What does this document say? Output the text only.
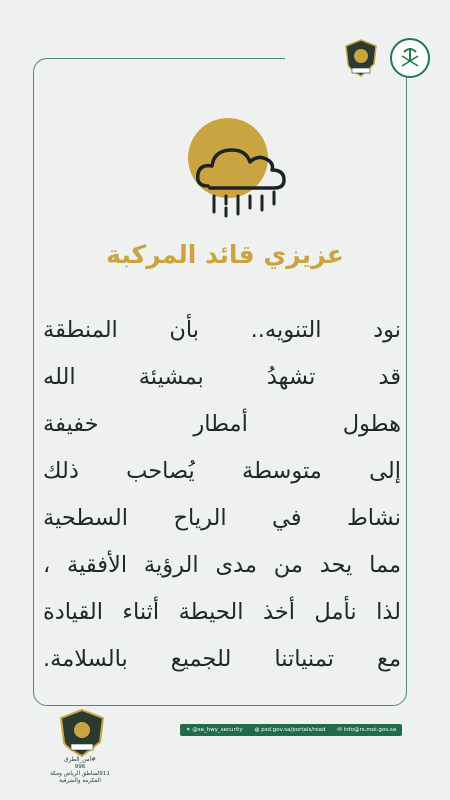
عزيزي قائد المركبة
نود التنويه.. بأن المنطقة
قد تشهدُ بمشيئة الله
هطول أمطار خفيفة
إلى متوسطة يُصاحب ذلك
نشاط في الرياح السطحية
مما يحد من مدى الرؤية الأفقية ،
لذا نأمل أخذ الحيطة أثناء القيادة
مع تمنياتنا للجميع بالسلامة.
✦ @sa_hwy_security ◍ psd.gov.sa/portals/road ✉ info@rs.moi.gov.sa
#أمن_الطرق
996
911لمناطق الرياض ومكة
المكرمة والشرقية
